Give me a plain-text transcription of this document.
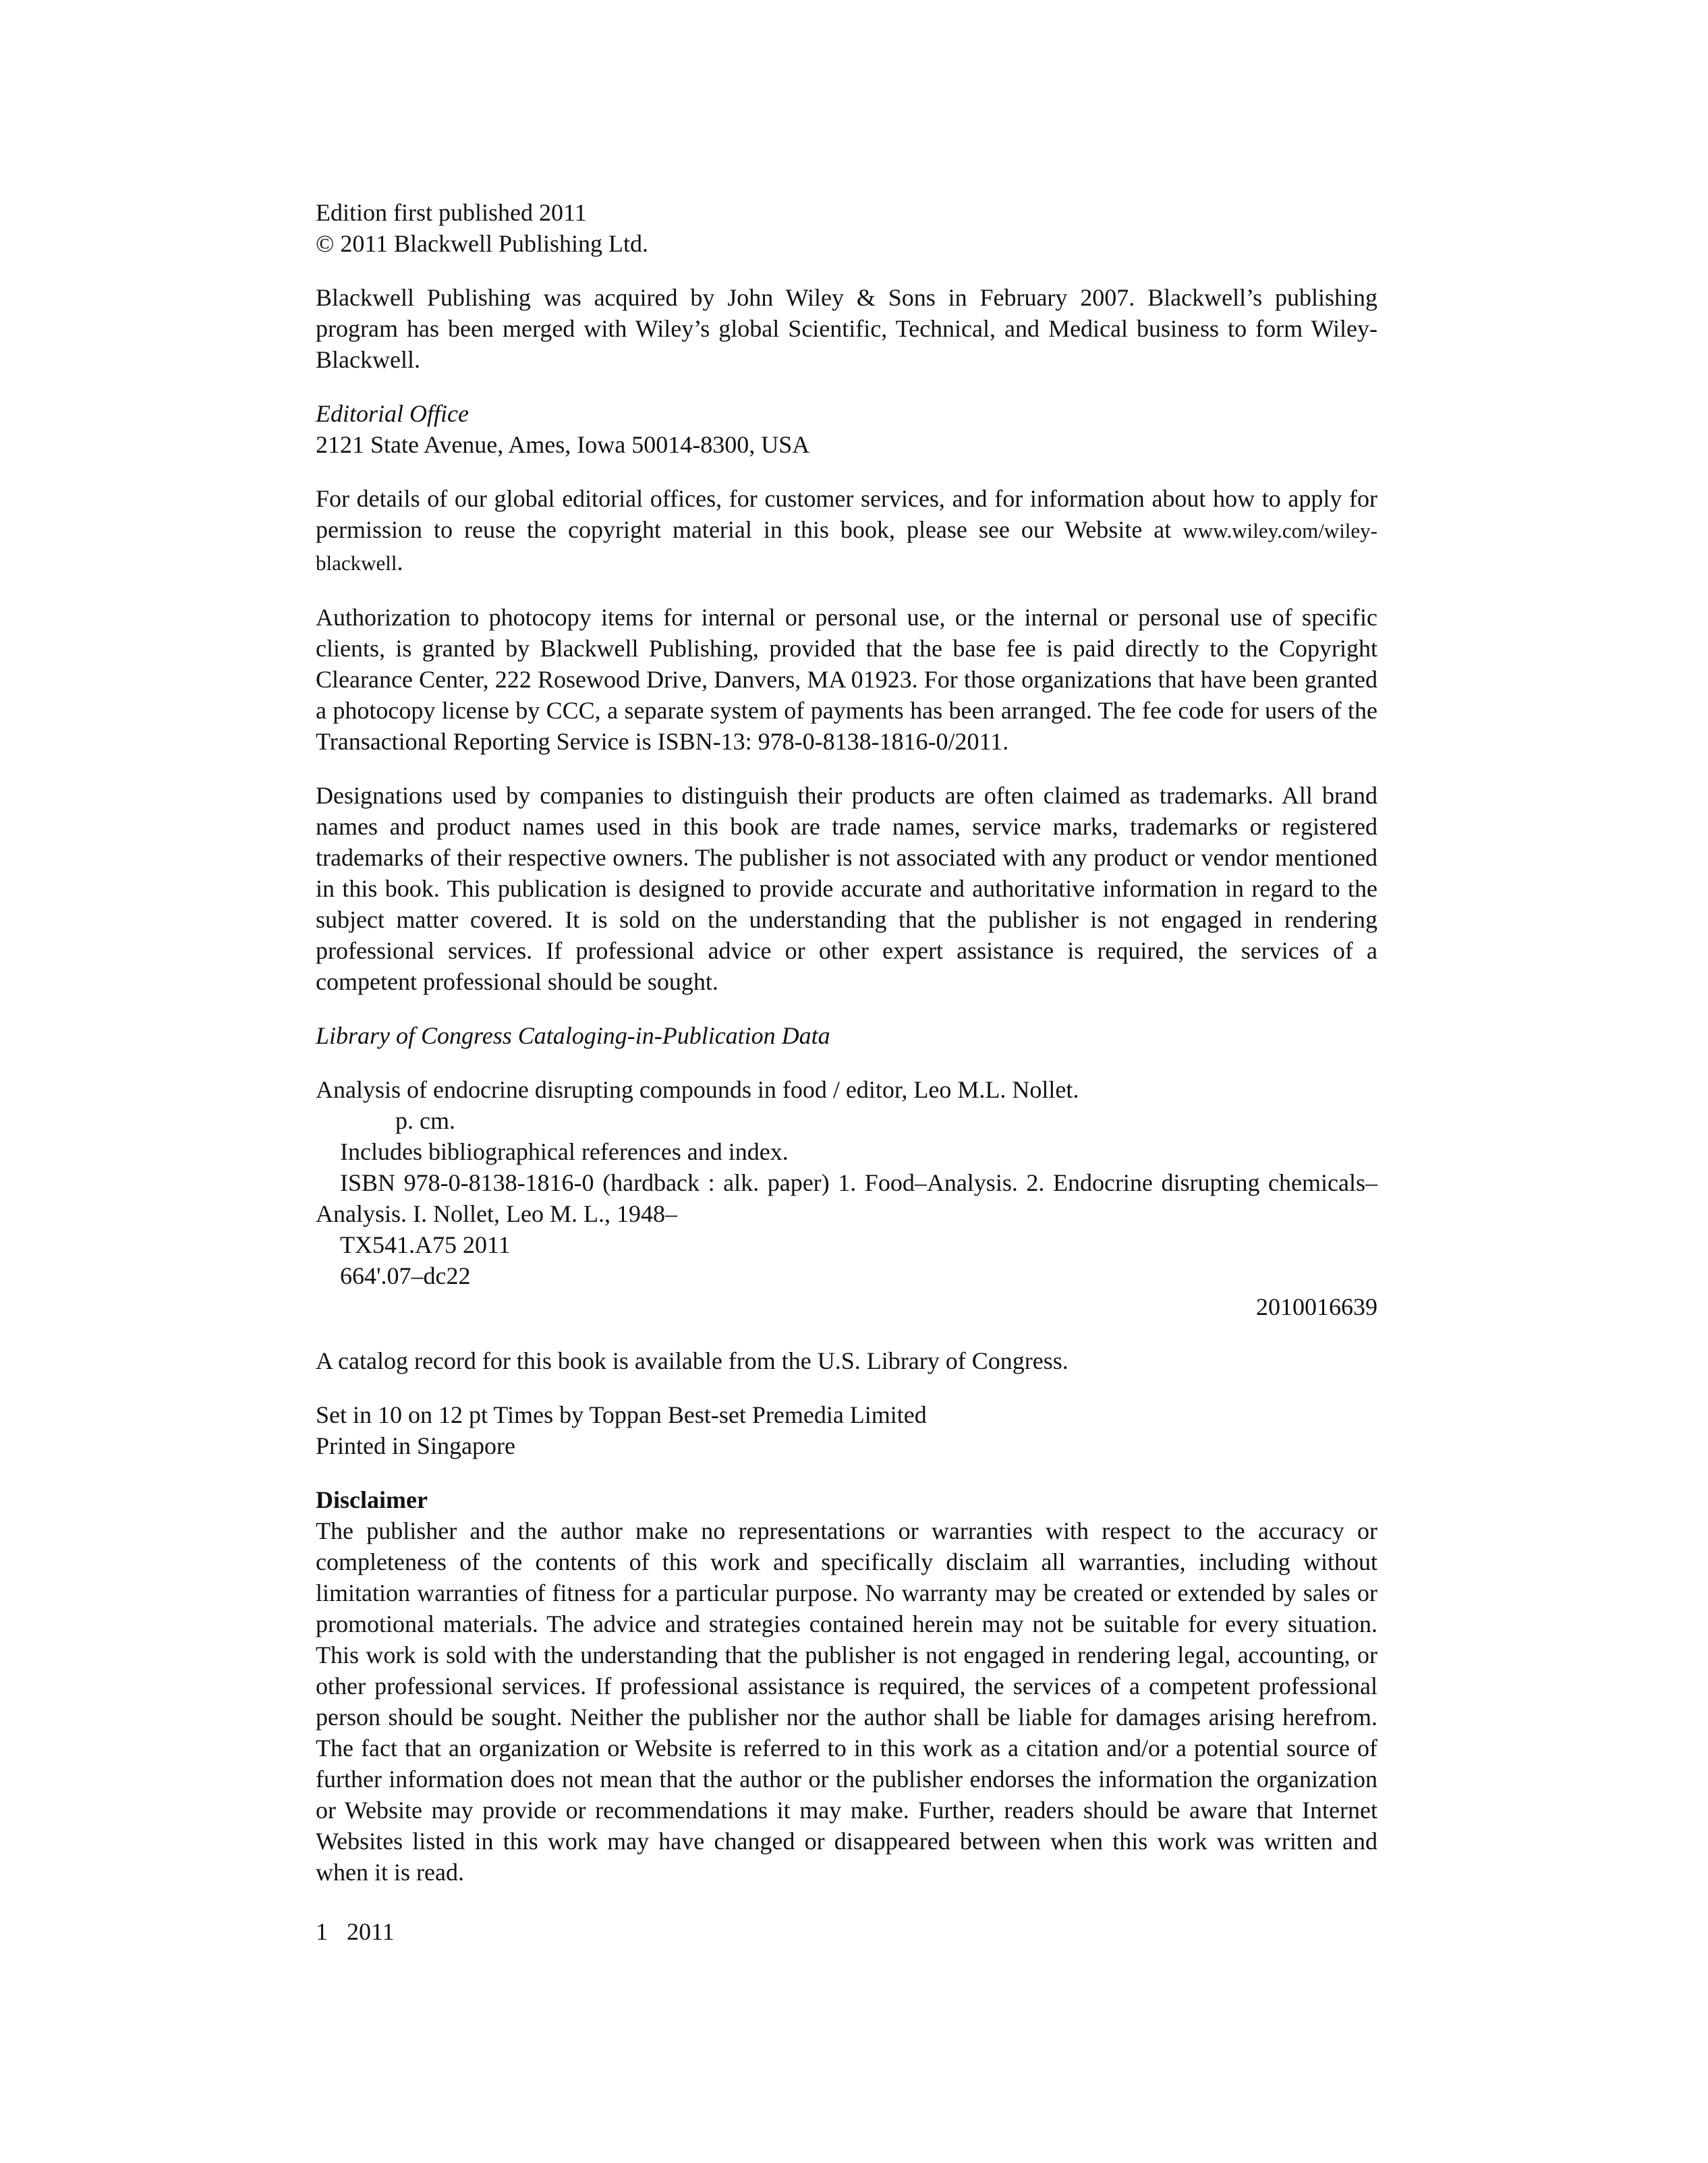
Edition first published 2011
© 2011 Blackwell Publishing Ltd.

Blackwell Publishing was acquired by John Wiley & Sons in February 2007. Blackwell’s publishing program has been merged with Wiley’s global Scientific, Technical, and Medical business to form Wiley-Blackwell.

Editorial Office
2121 State Avenue, Ames, Iowa 50014-8300, USA

For details of our global editorial offices, for customer services, and for information about how to apply for permission to reuse the copyright material in this book, please see our Website at www.wiley.com/wiley-blackwell.

Authorization to photocopy items for internal or personal use, or the internal or personal use of specific clients, is granted by Blackwell Publishing, provided that the base fee is paid directly to the Copyright Clearance Center, 222 Rosewood Drive, Danvers, MA 01923. For those organizations that have been granted a photocopy license by CCC, a separate system of payments has been arranged. The fee code for users of the Transactional Reporting Service is ISBN-13: 978-0-8138-1816-0/2011.

Designations used by companies to distinguish their products are often claimed as trademarks. All brand names and product names used in this book are trade names, service marks, trademarks or registered trademarks of their respective owners. The publisher is not associated with any product or vendor mentioned in this book. This publication is designed to provide accurate and authoritative information in regard to the subject matter covered. It is sold on the understanding that the publisher is not engaged in rendering professional services. If professional advice or other expert assistance is required, the services of a competent professional should be sought.

Library of Congress Cataloging-in-Publication Data

Analysis of endocrine disrupting compounds in food / editor, Leo M.L. Nollet.
p. cm.
Includes bibliographical references and index.
ISBN 978-0-8138-1816-0 (hardback : alk. paper) 1. Food–Analysis. 2. Endocrine disrupting chemicals–Analysis. I. Nollet, Leo M. L., 1948–
TX541.A75 2011
664'.07–dc22
2010016639

A catalog record for this book is available from the U.S. Library of Congress.

Set in 10 on 12 pt Times by Toppan Best-set Premedia Limited
Printed in Singapore
Disclaimer
The publisher and the author make no representations or warranties with respect to the accuracy or completeness of the contents of this work and specifically disclaim all warranties, including without limitation warranties of fitness for a particular purpose. No warranty may be created or extended by sales or promotional materials. The advice and strategies contained herein may not be suitable for every situation. This work is sold with the understanding that the publisher is not engaged in rendering legal, accounting, or other professional services. If professional assistance is required, the services of a competent professional person should be sought. Neither the publisher nor the author shall be liable for damages arising herefrom. The fact that an organization or Website is referred to in this work as a citation and/or a potential source of further information does not mean that the author or the publisher endorses the information the organization or Website may provide or recommendations it may make. Further, readers should be aware that Internet Websites listed in this work may have changed or disappeared between when this work was written and when it is read.
1 2011
